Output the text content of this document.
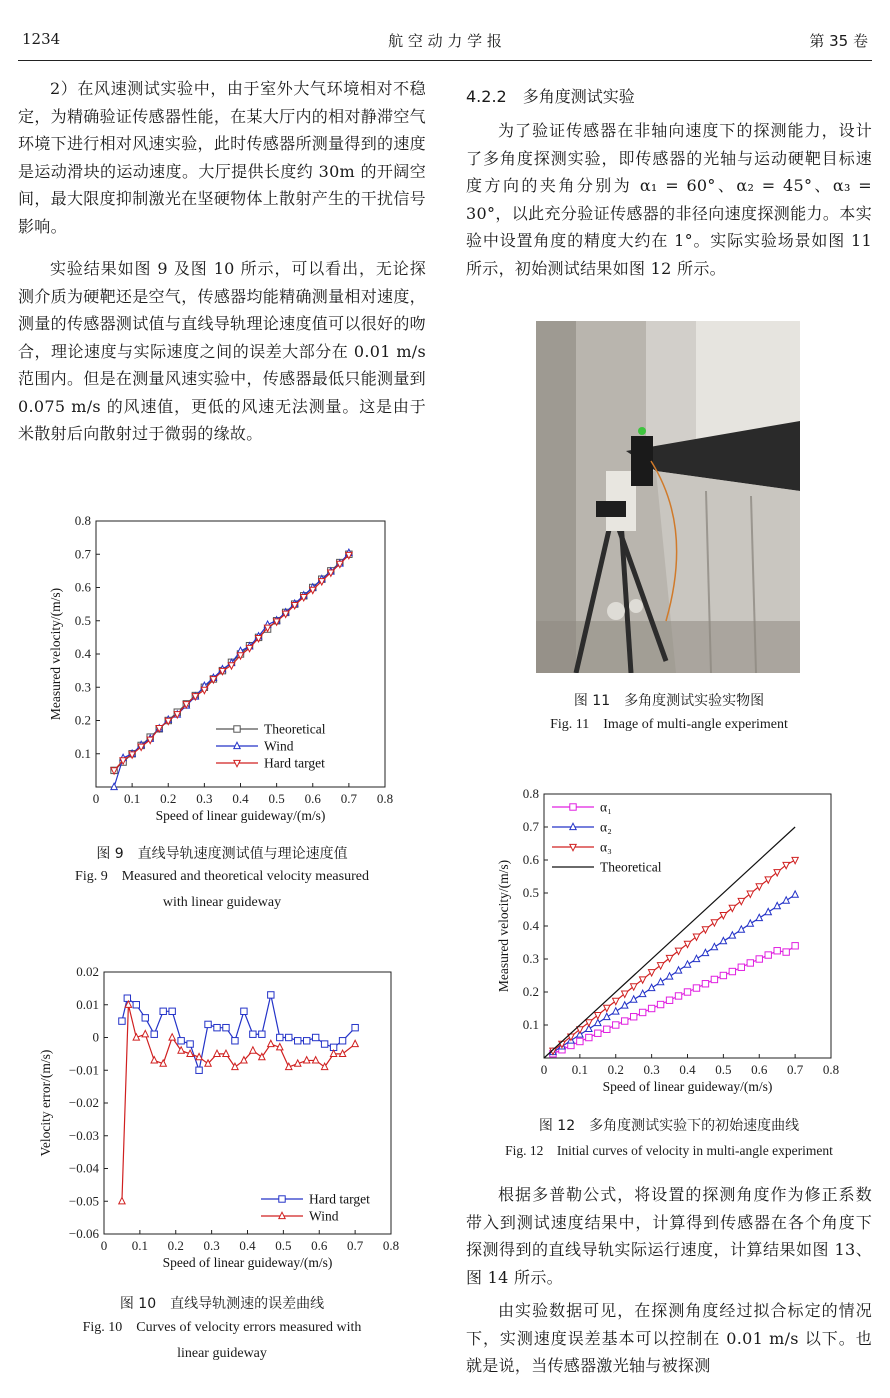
1234	航 空 动 力 学 报	第 35 卷

2）在风速测试实验中，由于室外大气环境相对不稳定，为精确验证传感器性能，在某大厅内的相对静滞空气环境下进行相对风速实验，此时传感器所测量得到的速度是运动滑块的运动速度。大厅提供长度约 30m 的开阔空间，最大限度抑制激光在坚硬物体上散射产生的干扰信号影响。

实验结果如图 9 及图 10 所示，可以看出，无论探测介质为硬靶还是空气，传感器均能精确测量相对速度，测量的传感器测试值与直线导轨理论速度值可以很好的吻合，理论速度与实际速度之间的误差大部分在 0.01 m/s 范围内。但是在测量风速实验中，传感器最低只能测量到 0.075 m/s 的风速值，更低的风速无法测量。这是由于米散射后向散射过于微弱的缘故。

4.2.2　多角度测试实验

为了验证传感器在非轴向速度下的探测能力，设计了多角度探测实验，即传感器的光轴与运动硬靶目标速度方向的夹角分别为 α₁ = 60°、α₂ = 45°、α₃ = 30°，以此充分验证传感器的非径向速度探测能力。本实验中设置角度的精度大约在 1°。实际实验场景如图 11 所示，初始测试结果如图 12 所示。

0 0.1 0.2 0.3 0.4 0.5 0.6 0.7 0.8
0.1
0.2
0.3
0.4
0.5
0.6
0.7
0.8
Speed of linear guideway/(m/s)
Measured velocity/(m/s)
Theoretical
Wind
Hard target
图 9　直线导轨速度测试值与理论速度值
Fig. 9　Measured and theoretical velocity measured
with linear guideway
0 0.1 0.2 0.3 0.4 0.5 0.6 0.7 0.8
0.02
0.01
0
−0.01
−0.02
−0.03
−0.04
−0.05
−0.06
Speed of linear guideway/(m/s)
Velocity error/(m/s)
Hard target
Wind
图 10　直线导轨测速的误差曲线
Fig. 10　Curves of velocity errors measured with
linear guideway
图 11　多角度测试实验实物图
Fig. 11　Image of multi-angle experiment
0 0.1 0.2 0.3 0.4 0.5 0.6 0.7 0.8
0.1
0.2
0.3
0.4
0.5
0.6
0.7
0.8
Speed of linear guideway/(m/s)
Measured velocity/(m/s)
α₁
α₂
α₃
Theoretical
图 12　多角度测试实验下的初始速度曲线
Fig. 12　Initial curves of velocity in multi-angle experiment

根据多普勒公式，将设置的探测角度作为修正系数带入到测试速度结果中，计算得到传感器在各个角度下探测得到的直线导轨实际运行速度，计算结果如图 13、图 14 所示。

由实验数据可见，在探测角度经过拟合标定的情况下，实测速度误差基本可以控制在 0.01 m/s 以下。也就是说，当传感器激光轴与被探测
